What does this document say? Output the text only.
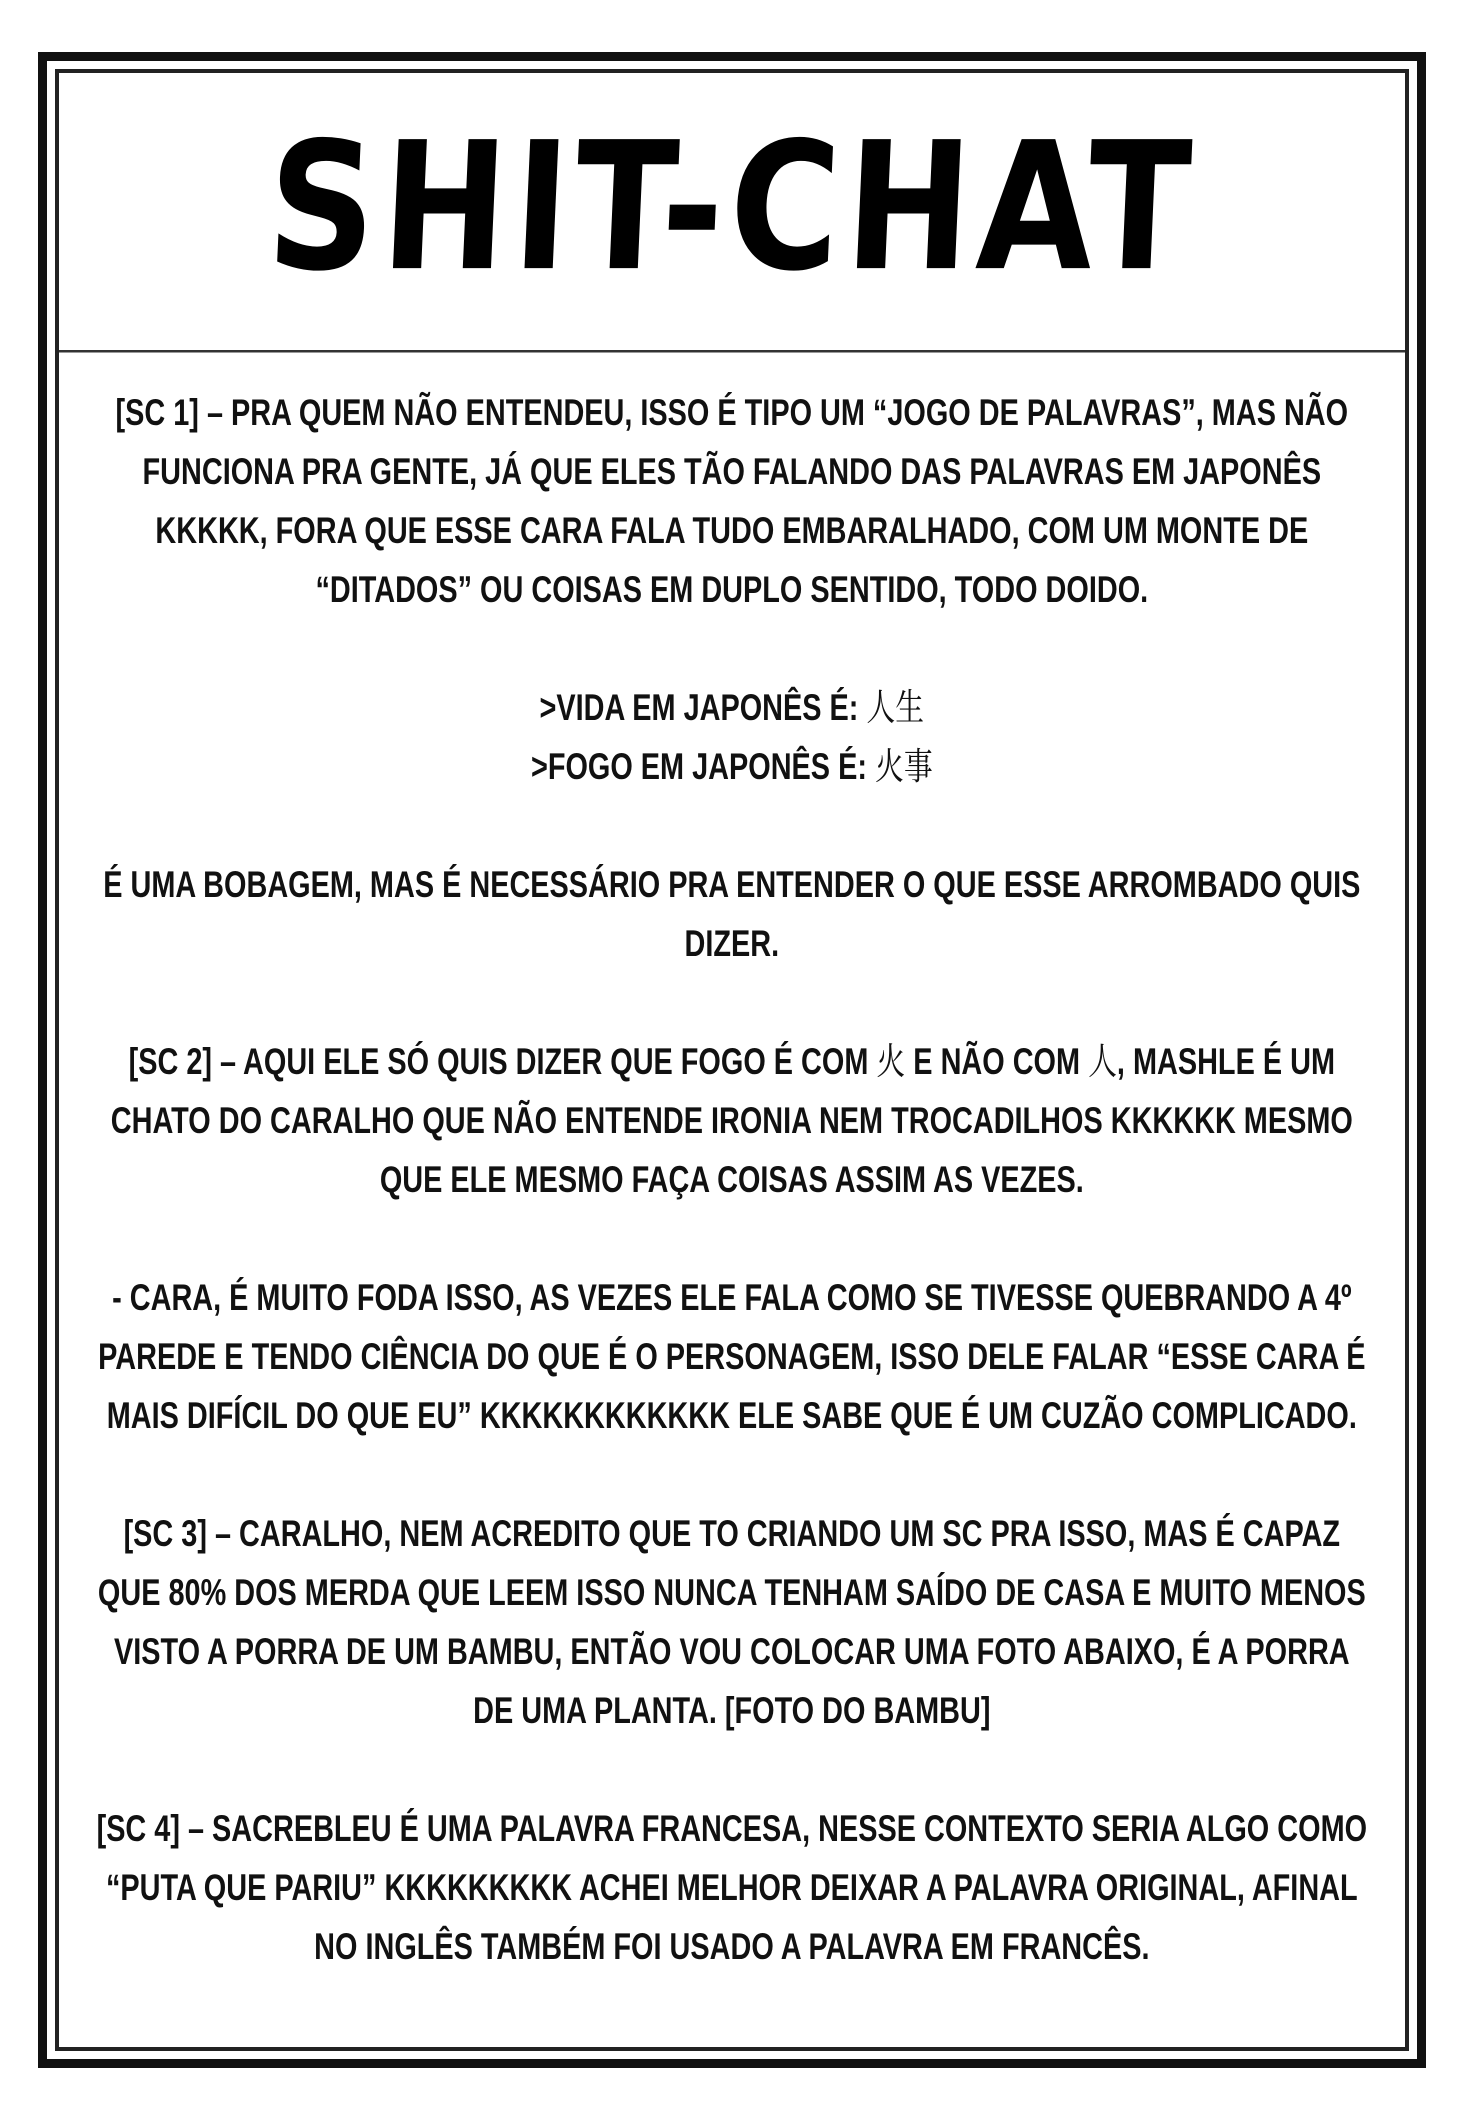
SHIT-CHAT

[SC 1] – PRA QUEM NÃO ENTENDEU, ISSO É TIPO UM “JOGO DE PALAVRAS”, MAS NÃO FUNCIONA PRA GENTE, JÁ QUE ELES TÃO FALANDO DAS PALAVRAS EM JAPONÊS KKKKK, FORA QUE ESSE CARA FALA TUDO EMBARALHADO, COM UM MONTE DE “DITADOS” OU COISAS EM DUPLO SENTIDO, TODO DOIDO.

>VIDA EM JAPONÊS É: 人生

>FOGO EM JAPONÊS É: 火事

É UMA BOBAGEM, MAS É NECESSÁRIO PRA ENTENDER O QUE ESSE ARROMBADO QUIS DIZER.

[SC 2] – AQUI ELE SÓ QUIS DIZER QUE FOGO É COM 火 E NÃO COM 人, MASHLE É UM CHATO DO CARALHO QUE NÃO ENTENDE IRONIA NEM TROCADILHOS KKKKKK MESMO QUE ELE MESMO FAÇA COISAS ASSIM AS VEZES.

- CARA, É MUITO FODA ISSO, AS VEZES ELE FALA COMO SE TIVESSE QUEBRANDO A 4º PAREDE E TENDO CIÊNCIA DO QUE É O PERSONAGEM, ISSO DELE FALAR “ESSE CARA É MAIS DIFÍCIL DO QUE EU” KKKKKKKKKKKK ELE SABE QUE É UM CUZÃO COMPLICADO.

[SC 3] – CARALHO, NEM ACREDITO QUE TO CRIANDO UM SC PRA ISSO, MAS É CAPAZ QUE 80% DOS MERDA QUE LEEM ISSO NUNCA TENHAM SAÍDO DE CASA E MUITO MENOS VISTO A PORRA DE UM BAMBU, ENTÃO VOU COLOCAR UMA FOTO ABAIXO, É A PORRA DE UMA PLANTA. [FOTO DO BAMBU]

[SC 4] – SACREBLEU É UMA PALAVRA FRANCESA, NESSE CONTEXTO SERIA ALGO COMO “PUTA QUE PARIU” KKKKKKKKK ACHEI MELHOR DEIXAR A PALAVRA ORIGINAL, AFINAL NO INGLÊS TAMBÉM FOI USADO A PALAVRA EM FRANCÊS.
